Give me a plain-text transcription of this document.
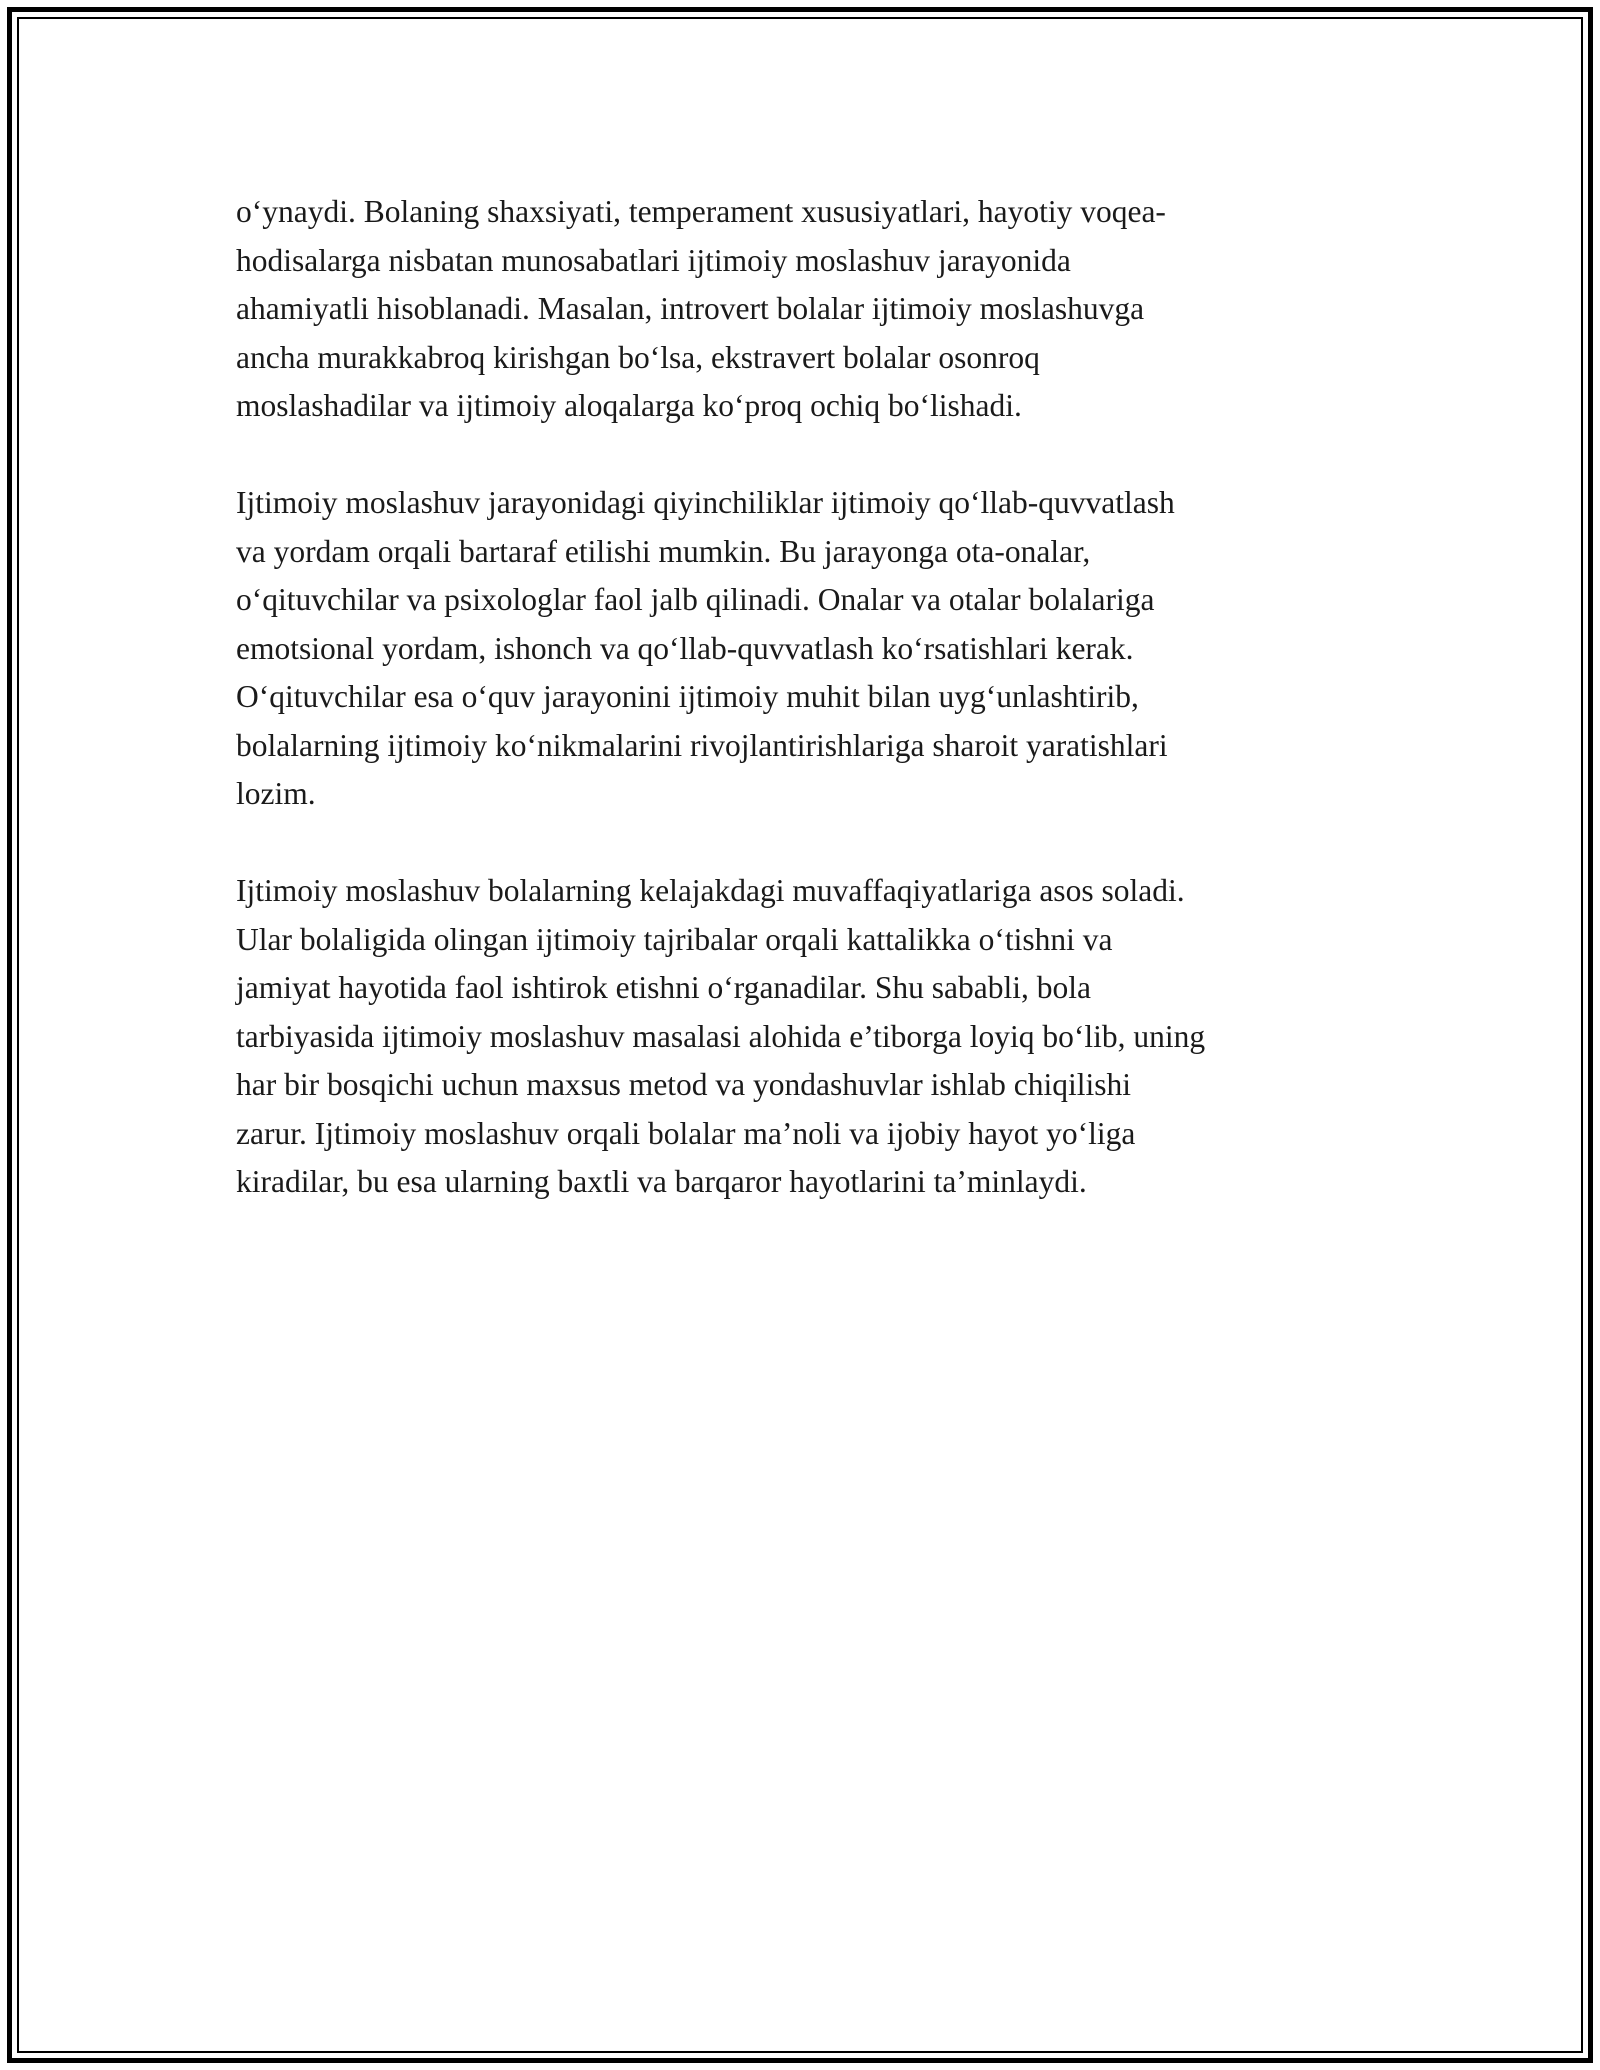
o‘ynaydi. Bolaning shaxsiyati, temperament xususiyatlari, hayotiy voqea-
hodisalarga nisbatan munosabatlari ijtimoiy moslashuv jarayonida
ahamiyatli hisoblanadi. Masalan, introvert bolalar ijtimoiy moslashuvga
ancha murakkabroq kirishgan bo‘lsa, ekstravert bolalar osonroq
moslashadilar va ijtimoiy aloqalarga ko‘proq ochiq bo‘lishadi.

Ijtimoiy moslashuv jarayonidagi qiyinchiliklar ijtimoiy qo‘llab-quvvatlash
va yordam orqali bartaraf etilishi mumkin. Bu jarayonga ota-onalar,
o‘qituvchilar va psixologlar faol jalb qilinadi. Onalar va otalar bolalariga
emotsional yordam, ishonch va qo‘llab-quvvatlash ko‘rsatishlari kerak.
O‘qituvchilar esa o‘quv jarayonini ijtimoiy muhit bilan uyg‘unlashtirib,
bolalarning ijtimoiy ko‘nikmalarini rivojlantirishlariga sharoit yaratishlari
lozim.

Ijtimoiy moslashuv bolalarning kelajakdagi muvaffaqiyatlariga asos soladi.
Ular bolaligida olingan ijtimoiy tajribalar orqali kattalikka o‘tishni va
jamiyat hayotida faol ishtirok etishni o‘rganadilar. Shu sababli, bola
tarbiyasida ijtimoiy moslashuv masalasi alohida e’tiborga loyiq bo‘lib, uning
har bir bosqichi uchun maxsus metod va yondashuvlar ishlab chiqilishi
zarur. Ijtimoiy moslashuv orqali bolalar ma’noli va ijobiy hayot yo‘liga
kiradilar, bu esa ularning baxtli va barqaror hayotlarini ta’minlaydi.
